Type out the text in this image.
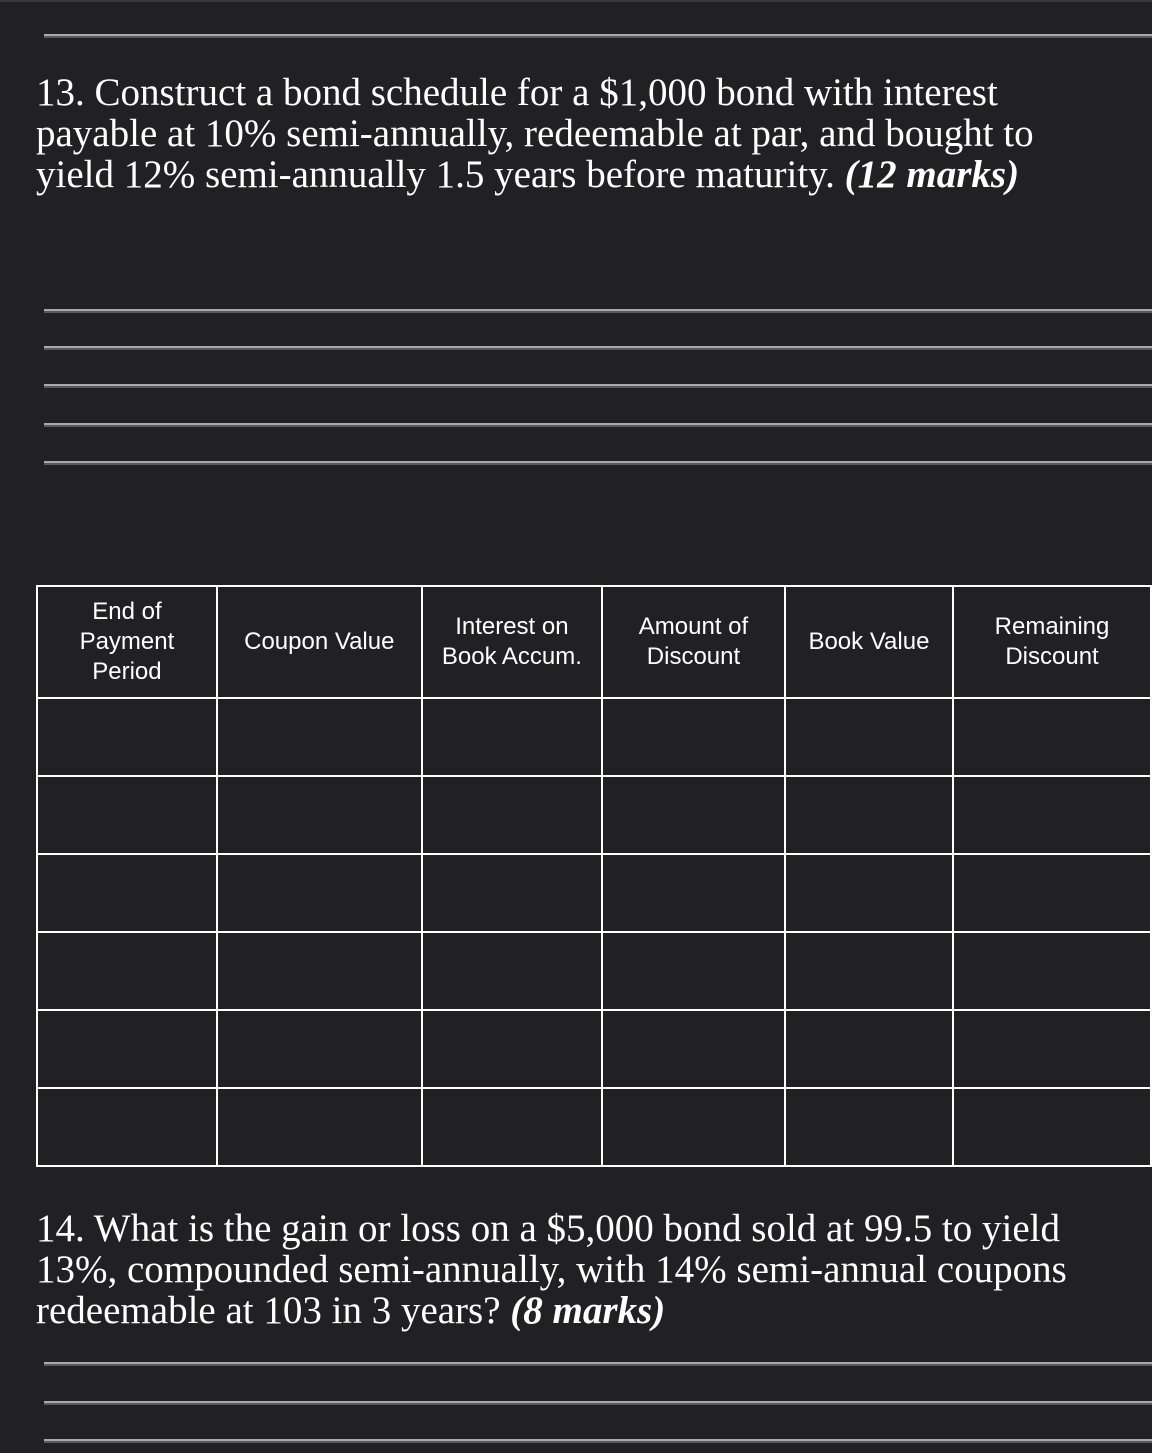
13. Construct a bond schedule for a $1,000 bond with interest payable at 10% semi-annually, redeemable at par, and bought to yield 12% semi-annually 1.5 years before maturity. (12 marks)

End of Payment Period	Coupon Value	Interest on Book Accum.	Amount of Discount	Book Value	Remaining Discount

14. What is the gain or loss on a $5,000 bond sold at 99.5 to yield 13%, compounded semi-annually, with 14% semi-annual coupons redeemable at 103 in 3 years? (8 marks)
